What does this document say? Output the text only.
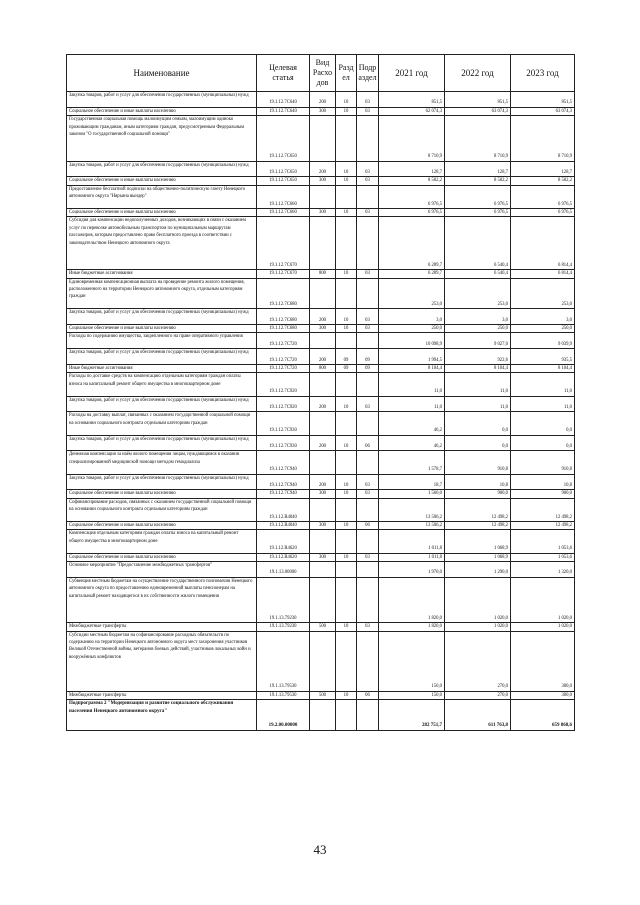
Наименование	Целевая статья	Вид Расхо дов	Разд ел	Подр аздел	2021 год	2022 год	2023 год
Закупка товаров, работ и услуг для обеспечения государственных (муниципальных) нужд	19.1.12.7С640	200	10	03	851,5	851,5	851,5
Социальное обеспечение и иные выплаты населению	19.1.12.7С640	300	10	03	62 074,3	63 074,3	63 074,3
Государственная социальная помощь малоимущим семьям, малоимущим одиноко проживающим гражданам, иным категориям граждан, предусмотренным Федеральным законом "О государственной социальной помощи"	19.1.12.7С650				8 710,9	8 710,9	8 710,9
Закупка товаров, работ и услуг для обеспечения государственных (муниципальных) нужд	19.1.12.7С650	200	10	03	128,7	128,7	128,7
Социальное обеспечение и иные выплаты населению	19.1.12.7С650	300	10	03	8 582,2	8 582,2	8 582,2
Предоставление бесплатной подписки на общественно-политическую газету Ненецкого автономного округа "Няръяна вындер"	19.1.12.7С660				6 976,5	6 976,5	6 976,5
Социальное обеспечение и иные выплаты населению	19.1.12.7С660	300	10	03	6 976,5	6 976,5	6 976,5
Субсидия для компенсации недополученных доходов, возникающих в связи с оказанием услуг по перевозке автомобильным транспортом по муниципальным маршрутам пассажиров, которым предоставлено право бесплатного проезда в соответствии с законодательством Ненецкого автономного округа	19.1.12.7С670				6 289,7	6 540,4	6 814,4
Иные бюджетные ассигнования	19.1.12.7С670	800	10	03	6 289,7	6 540,4	6 814,4
Единовременная компенсационная выплата на проведение ремонта жилого помещения, расположенного на территории Ненецкого автономного округа, отдельным категориям граждан	19.1.12.7С680				253,0	253,0	253,0
Закупка товаров, работ и услуг для обеспечения государственных (муниципальных) нужд	19.1.12.7С680	200	10	03	3,0	3,0	3,0
Социальное обеспечение и иные выплаты населению	19.1.12.7С680	300	10	03	250,0	250,0	250,0
Расходы по содержанию имущества, закрепленного на праве оперативного управления	19.1.12.7С720				10 098,9	9 027,0	9 039,9
Закупка товаров, работ и услуг для обеспечения государственных (муниципальных) нужд	19.1.12.7С720	200	09	09	1 994,5	922,6	935,5
Иные бюджетные ассигнования	19.1.12.7С720	800	09	09	8 104,4	8 104,4	8 104,4
Расходы по доставке средств на компенсацию отдельным категориям граждан оплаты взноса на капитальный ремонт общего имущества в многоквартирном доме	19.1.12.7С920				11,0	11,0	11,0
Закупка товаров, работ и услуг для обеспечения государственных (муниципальных) нужд	19.1.12.7С920	200	10	03	11,0	11,0	11,0
Расходы на доставку выплат, связанных с оказанием государственной социальной помощи на основании социального контракта отдельным категориям граждан	19.1.12.7С930				46,2	0,0	0,0
Закупка товаров, работ и услуг для обеспечения государственных (муниципальных) нужд	19.1.12.7С930	200	10	06	46,2	0,0	0,0
Денежная компенсация за наём жилого помещения лицам, нуждающимся в оказании специализированной медицинской помощи методом гемодиализа	19.1.12.7С940				1 578,7	910,8	910,8
Закупка товаров, работ и услуг для обеспечения государственных (муниципальных) нужд	19.1.12.7С940	200	10	03	18,7	10,8	10,8
Социальное обеспечение и иные выплаты населению	19.1.12.7С940	300	10	03	1 560,0	900,0	900,0
Софинансирование расходов, связанных с оказанием государственной социальной помощи на основании социального контракта отдельным категориям граждан	19.1.12.R4040				13 506,2	12 498,2	12 498,2
Социальное обеспечение и иные выплаты населению	19.1.12.R4040	300	10	06	13 506,2	12 498,2	12 498,2
Компенсация отдельным категориям граждан оплаты взноса на капитальный ремонт общего имущества в многоквартирном доме	19.1.12.R4620				1 011,8	1 068,9	1 053,6
Социальное обеспечение и иные выплаты населению	19.1.12.R4620	300	10	03	1 011,8	1 068,9	1 053,6
Основное мероприятие "Предоставление межбюджетных трансфертов"	19.1.13.00000				1 970,0	1 290,0	1 320,0
Субвенция местным бюджетам на осуществление государственного полномочия Ненецкого автономного округа по предоставлению единовременной выплаты пенсионерам на капитальный ремонт находящегося в их собственности жилого помещения	19.1.13.79230				1 820,0	1 020,0	1 020,0
Межбюджетные трансферты	19.1.13.79230	500	10	03	1 820,0	1 020,0	1 020,0
Субсидии местным бюджетам на софинансирование расходных обязательств по содержанию на территории Ненецкого автономного округа мест захоронения участников Великой Отечественной войны, ветеранов боевых действий, участников локальных войн и вооружённых конфликтов	19.1.13.79530				150,0	270,0	300,0
Межбюджетные трансферты	19.1.13.79530	500	10	06	150,0	270,0	300,0
Подпрограмма 2 "Модернизация и развитие социального обслуживания населения Ненецкого автономного округа"	19.2.00.00000				282 751,7	611 763,8	659 868,6
43
